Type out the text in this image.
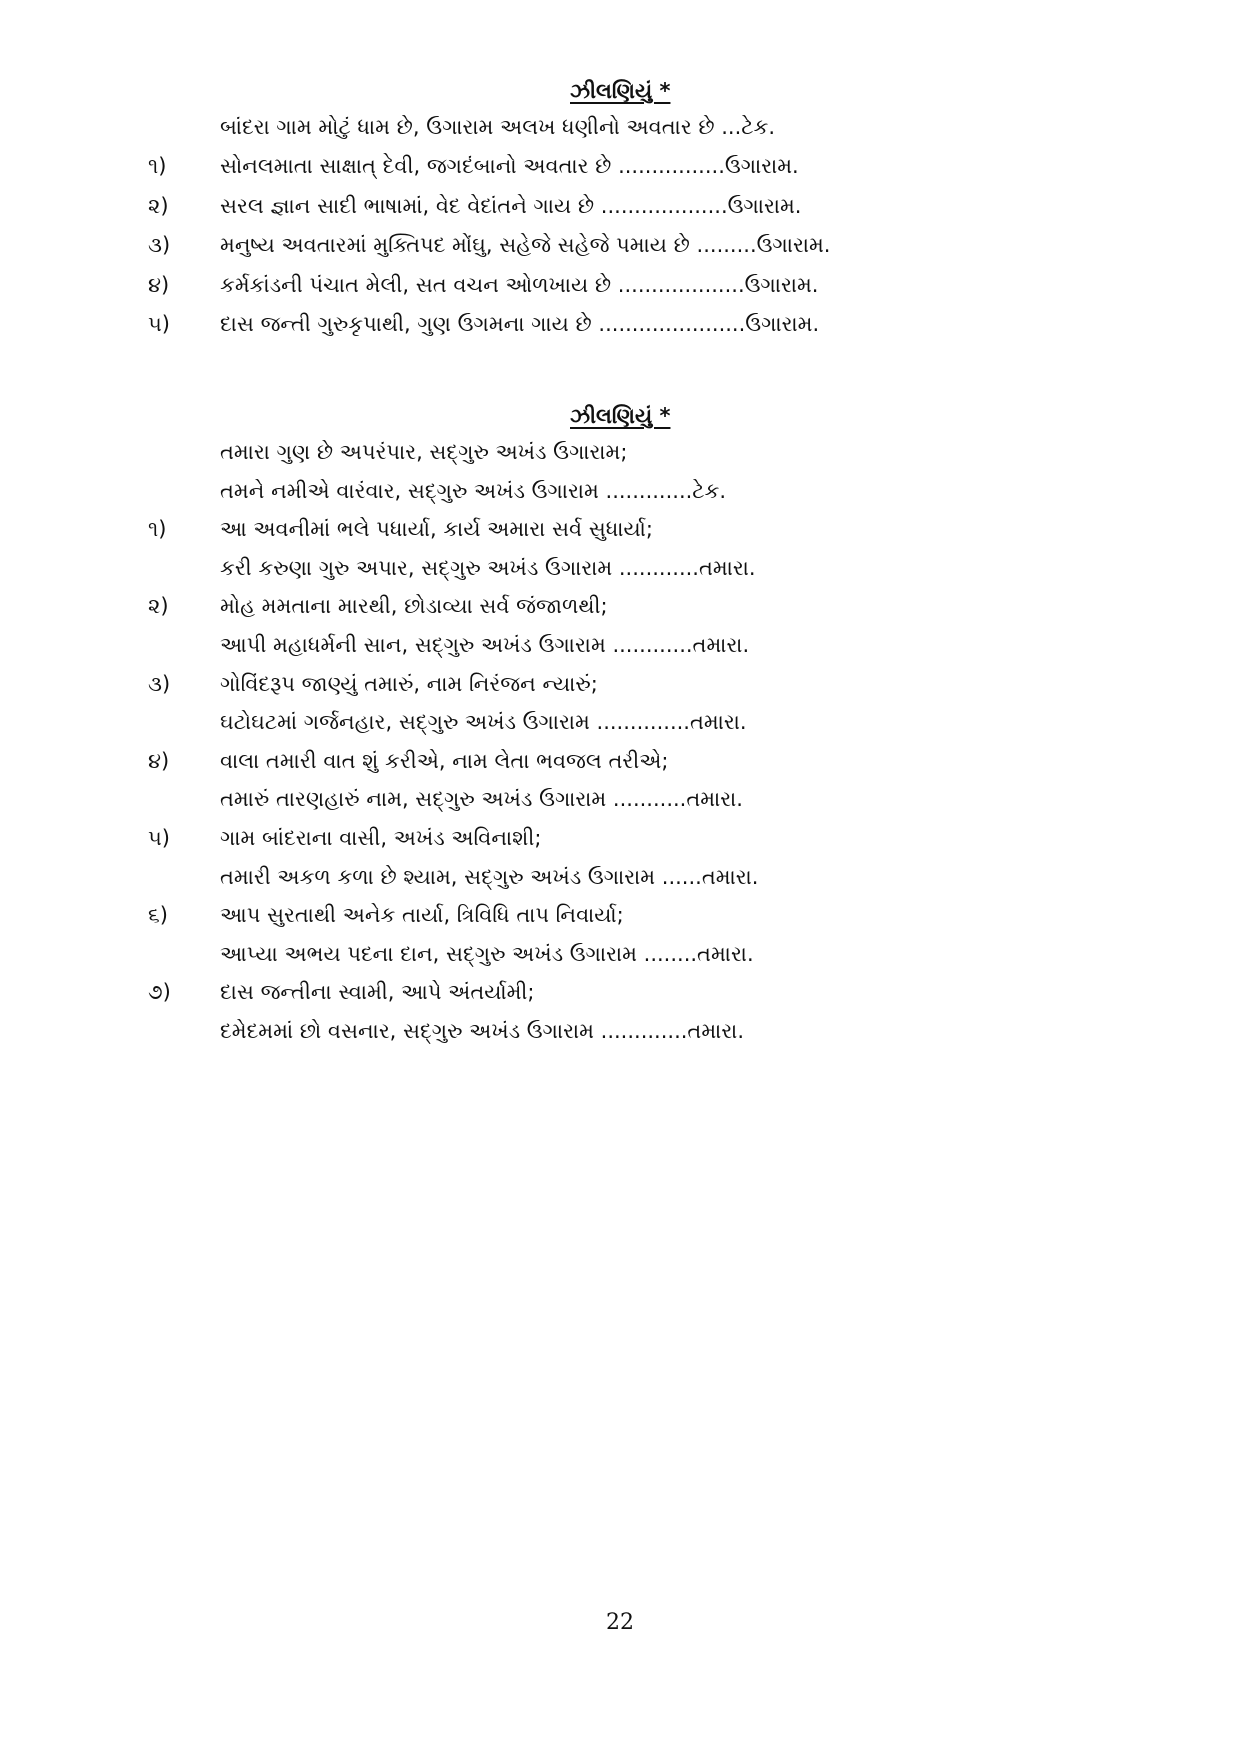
ઝીલણિયું *
બાંદરા ગામ મોટું ધામ છે, ઉગારામ અલખ ધણીનો અવતાર છે ...ટેક.
૧)	સોનલમાતા સાક્ષાત્ દેવી, જગદંબાનો અવતાર છે ................ઉગારામ.
૨) સરલ જ્ઞાન સાદી ભાષામાં, વેદ વેદાંતને ગાય છે ...................ઉગારામ.
૩) મનુષ્ય અવતારમાં મુક્તિપદ મોંઘુ, સહેજે સહેજે પમાય છે .........ઉગારામ.
૪) કર્મકાંડની પંચાત મેલી, સત વચન ઓળખાય છે ...................ઉગારામ.
૫) દાસ જન્તી ગુરુકૃપાથી, ગુણ ઉગમના ગાય છે ......................ઉગારામ.
ઝીલણિયું *
તમારા ગુણ છે અપરંપાર, સદ્ગુરુ અખંડ ઉગારામ;
તમને નમીએ વારંવાર, સદ્ગુરુ અખંડ ઉગારામ .............ટેક.
૧)	આ અવનીમાં ભલે પધાર્યા, કાર્ય અમારા સર્વ સુધાર્યા;
કરી કરુણા ગુરુ અપાર, સદ્ગુરુ અખંડ ઉગારામ ............તમારા.
૨) મોહ મમતાના મારથી, છોડાવ્યા સર્વ જંજાળથી;
આપી મહાધર્મની સાન, સદ્ગુરુ અખંડ ઉગારામ ............તમારા.
૩) ગોવિંદરૂપ જાણ્યું તમારું, નામ નિરંજન ન્યારું;
ઘટોઘટમાં ગર્જનહાર, સદ્ગુરુ અખંડ ઉગારામ ..............તમારા.
૪) વાલા તમારી વાત શું કરીએ, નામ લેતા ભવજલ તરીએ;
તમારું તારણહારું નામ, સદ્ગુરુ અખંડ ઉગારામ ...........તમારા.
૫) ગામ બાંદરાના વાસી, અખંડ અવિનાશી;
તમારી અકળ કળા છે શ્યામ, સદ્ગુરુ અખંડ ઉગારામ ......તમારા.
૬) આપ સુરતાથી અનેક તાર્યા, ત્રિવિધિ તાપ નિવાર્યા;
આપ્યા અભય પદના દાન, સદ્ગુરુ અખંડ ઉગારામ ........તમારા.
૭) દાસ જન્તીના સ્વામી, આપે અંતર્યામી;
દમેદમમાં છો વસનાર, સદ્ગુરુ અખંડ ઉગારામ .............તમારા.
22
